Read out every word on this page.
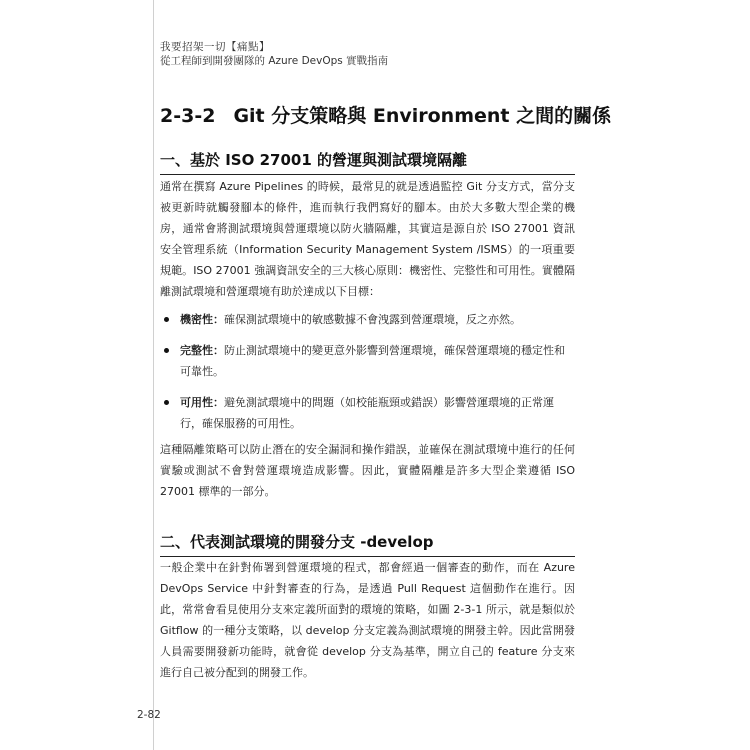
我要招架一切【痛點】
從工程師到開發團隊的 Azure DevOps 實戰指南
2-3-2 Git 分支策略與 Environment 之間的關係
一、基於 ISO 27001 的營運與測試環境隔離

通常在撰寫 Azure Pipelines 的時候，最常見的就是透過監控 Git 分支方式，當分支被更新時就觸發腳本的條件，進而執行我們寫好的腳本。由於大多數大型企業的機房，通常會將測試環境與營運環境以防火牆隔離，其實這是源自於 ISO 27001 資訊安全管理系統（Information Security Management System /ISMS）的一項重要規範。ISO 27001 強調資訊安全的三大核心原則：機密性、完整性和可用性。實體隔離測試環境和營運環境有助於達成以下目標：

機密性：確保測試環境中的敏感數據不會洩露到營運環境，反之亦然。
完整性：防止測試環境中的變更意外影響到營運環境，確保營運環境的穩定性和可靠性。
可用性：避免測試環境中的問題（如校能瓶頸或錯誤）影響營運環境的正常運行，確保服務的可用性。

這種隔離策略可以防止潛在的安全漏洞和操作錯誤，並確保在測試環境中進行的任何實驗或測試不會對營運環境造成影響。因此，實體隔離是許多大型企業遵循 ISO 27001 標準的一部分。

二、代表測試環境的開發分支 -develop

一般企業中在針對佈署到營運環境的程式，都會經過一個審查的動作，而在 Azure DevOps Service 中針對審查的行為，是透過 Pull Request 這個動作在進行。因此，常常會看見使用分支來定義所面對的環境的策略，如圖 2-3-1 所示，就是類似於 Gitflow 的一種分支策略，以 develop 分支定義為測試環境的開發主幹。因此當開發人員需要開發新功能時，就會從 develop 分支為基準，開立自己的 feature 分支來進行自己被分配到的開發工作。

2-82
